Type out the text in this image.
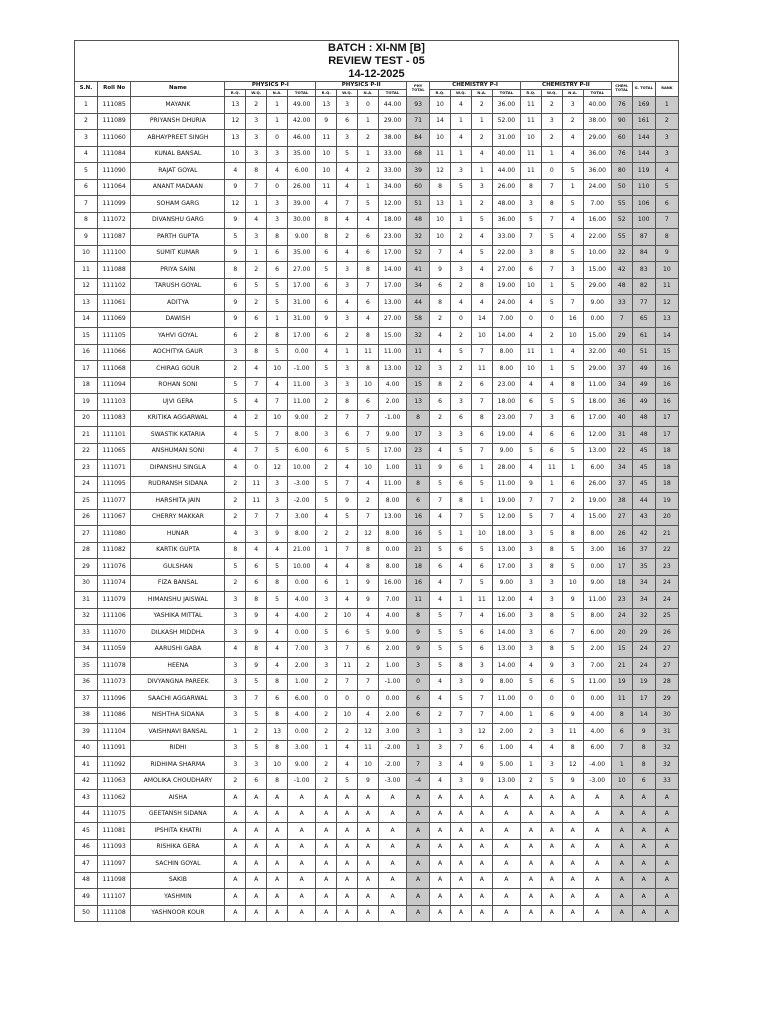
BATCH : XI-NM [B]
REVIEW TEST - 05
14-12-2025																						

S.N.	Roll No	Name	PHYSICS P-I				PHYSICS P-II				PHY TOTAL	CHEMISTRY P-I				CHEMISTRY P-II				CHEM. TOTAL	G. TOTAL	RANK
			R.Q.	W.Q.	N.A.	TOTAL	R.Q.	W.Q.	N.A.	TOTAL		R.Q.	W.Q.	N.A.	TOTAL	R.Q.	W.Q.	N.A.	TOTAL			
1	111085	MAYANK	13	2	1	49.00	13	3	0	44.00	93	10	4	2	36.00	11	2	3	40.00	76	169	1
2	111089	PRIYANSH DHURIA	12	3	1	42.00	9	6	1	29.00	71	14	1	1	52.00	11	3	2	38.00	90	161	2
3	111060	ABHAYPREET SINGH	13	3	0	46.00	11	3	2	38.00	84	10	4	2	31.00	10	2	4	29.00	60	144	3
4	111084	KUNAL BANSAL	10	3	3	35.00	10	5	1	33.00	68	11	1	4	40.00	11	1	4	36.00	76	144	3
5	111090	RAJAT GOYAL	4	8	4	6.00	10	4	2	33.00	39	12	3	1	44.00	11	0	5	36.00	80	119	4
6	111064	ANANT MADAAN	9	7	0	26.00	11	4	1	34.00	60	8	5	3	26.00	8	7	1	24.00	50	110	5
7	111099	SOHAM GARG	12	1	3	39.00	4	7	5	12.00	51	13	1	2	48.00	3	8	5	7.00	55	106	6
8	111072	DIVANSHU GARG	9	4	3	30.00	8	4	4	18.00	48	10	1	5	36.00	5	7	4	16.00	52	100	7
9	111087	PARTH GUPTA	5	3	8	9.00	8	2	6	23.00	32	10	2	4	33.00	7	5	4	22.00	55	87	8
10	111100	SUMIT KUMAR	9	1	6	35.00	6	4	6	17.00	52	7	4	5	22.00	3	8	5	10.00	32	84	9
11	111088	PRIYA SAINI	8	2	6	27.00	5	3	8	14.00	41	9	3	4	27.00	6	7	3	15.00	42	83	10
12	111102	TARUSH GOYAL	6	5	5	17.00	6	3	7	17.00	34	6	2	8	19.00	10	1	5	29.00	48	82	11
13	111061	ADITYA	9	2	5	31.00	6	4	6	13.00	44	8	4	4	24.00	4	5	7	9.00	33	77	12
14	111069	DAWISH	9	6	1	31.00	9	3	4	27.00	58	2	0	14	7.00	0	0	16	0.00	7	65	13
15	111105	YAHVI GOYAL	6	2	8	17.00	6	2	8	15.00	32	4	2	10	14.00	4	2	10	15.00	29	61	14
16	111066	AOCHITYA GAUR	3	8	5	0.00	4	1	11	11.00	11	4	5	7	8.00	11	1	4	32.00	40	51	15
17	111068	CHIRAG GOUR	2	4	10	-1.00	5	3	8	13.00	12	3	2	11	8.00	10	1	5	29.00	37	49	16
18	111094	ROHAN SONI	5	7	4	11.00	3	3	10	4.00	15	8	2	6	23.00	4	4	8	11.00	34	49	16
19	111103	UJVI GERA	5	4	7	11.00	2	8	6	2.00	13	6	3	7	18.00	6	5	5	18.00	36	49	16
20	111083	KRITIKA AGGARWAL	4	2	10	9.00	2	7	7	-1.00	8	2	6	8	23.00	7	3	6	17.00	40	48	17
21	111101	SWASTIK KATARIA	4	5	7	8.00	3	6	7	9.00	17	3	3	6	19.00	4	6	6	12.00	31	48	17
22	111065	ANSHUMAN SONI	4	7	5	6.00	6	5	5	17.00	23	4	5	7	9.00	5	6	5	13.00	22	45	18
23	111071	DIPANSHU SINGLA	4	0	12	10.00	2	4	10	1.00	11	9	6	1	28.00	4	11	1	6.00	34	45	18
24	111095	RUDRANSH SIDANA	2	11	3	-3.00	5	7	4	11.00	8	5	6	5	11.00	9	1	6	26.00	37	45	18
25	111077	HARSHITA JAIN	2	11	3	-2.00	5	9	2	8.00	6	7	8	1	19.00	7	7	2	19.00	38	44	19
26	111067	CHERRY MAKKAR	2	7	7	3.00	4	5	7	13.00	16	4	7	5	12.00	5	7	4	15.00	27	43	20
27	111080	HUNAR	4	3	9	8.00	2	2	12	8.00	16	5	1	10	18.00	3	5	8	8.00	26	42	21
28	111082	KARTIK GUPTA	8	4	4	21.00	1	7	8	0.00	21	5	6	5	13.00	3	8	5	3.00	16	37	22
29	111076	GULSHAN	5	6	5	10.00	4	4	8	8.00	18	6	4	6	17.00	3	8	5	0.00	17	35	23
30	111074	FIZA BANSAL	2	6	8	0.00	6	1	9	16.00	16	4	7	5	9.00	3	3	10	9.00	18	34	24
31	111079	HIMANSHU JAISWAL	3	8	5	4.00	3	4	9	7.00	11	4	1	11	12.00	4	3	9	11.00	23	34	24
32	111106	YASHIKA MITTAL	3	9	4	4.00	2	10	4	4.00	8	5	7	4	16.00	3	8	5	8.00	24	32	25
33	111070	DILKASH MIDDHA	3	9	4	0.00	5	6	5	9.00	9	5	5	6	14.00	3	6	7	6.00	20	29	26
34	111059	AARUSHI GABA	4	8	4	7.00	3	7	6	2.00	9	5	5	6	13.00	3	8	5	2.00	15	24	27
35	111078	HEENA	3	9	4	2.00	3	11	2	1.00	3	5	8	3	14.00	4	9	3	7.00	21	24	27
36	111073	DIVYANGNA PAREEK	3	5	8	1.00	2	7	7	-1.00	0	4	3	9	8.00	5	6	5	11.00	19	19	28
37	111096	SAACHI AGGARWAL	3	7	6	6.00	0	0	0	0.00	6	4	5	7	11.00	0	0	0	0.00	11	17	29
38	111086	NISHTHA SIDANA	3	5	8	4.00	2	10	4	2.00	6	2	7	7	4.00	1	6	9	4.00	8	14	30
39	111104	VAISHNAVI BANSAL	1	2	13	0.00	2	2	12	3.00	3	1	3	12	2.00	2	3	11	4.00	6	9	31
40	111091	RIDHI	3	5	8	3.00	1	4	11	-2.00	1	3	7	6	1.00	4	4	8	6.00	7	8	32
41	111092	RIDHIMA SHARMA	3	3	10	9.00	2	4	10	-2.00	7	3	4	9	5.00	1	3	12	-4.00	1	8	32
42	111063	AMOLIKA CHOUDHARY	2	6	8	-1.00	2	5	9	-3.00	-4	4	3	9	13.00	2	5	9	-3.00	10	6	33
43	111062	AISHA	A	A	A	A	A	A	A	A	A	A	A	A	A	A	A	A	A	A	A	A
44	111075	GEETANSH SIDANA	A	A	A	A	A	A	A	A	A	A	A	A	A	A	A	A	A	A	A	A
45	111081	IPSHITA KHATRI	A	A	A	A	A	A	A	A	A	A	A	A	A	A	A	A	A	A	A	A
46	111093	RISHIKA GERA	A	A	A	A	A	A	A	A	A	A	A	A	A	A	A	A	A	A	A	A
47	111097	SACHIN GOYAL	A	A	A	A	A	A	A	A	A	A	A	A	A	A	A	A	A	A	A	A
48	111098	SAKIB	A	A	A	A	A	A	A	A	A	A	A	A	A	A	A	A	A	A	A	A
49	111107	YASHMIN	A	A	A	A	A	A	A	A	A	A	A	A	A	A	A	A	A	A	A	A
50	111108	YASHNOOR KOUR	A	A	A	A	A	A	A	A	A	A	A	A	A	A	A	A	A	A	A	A
